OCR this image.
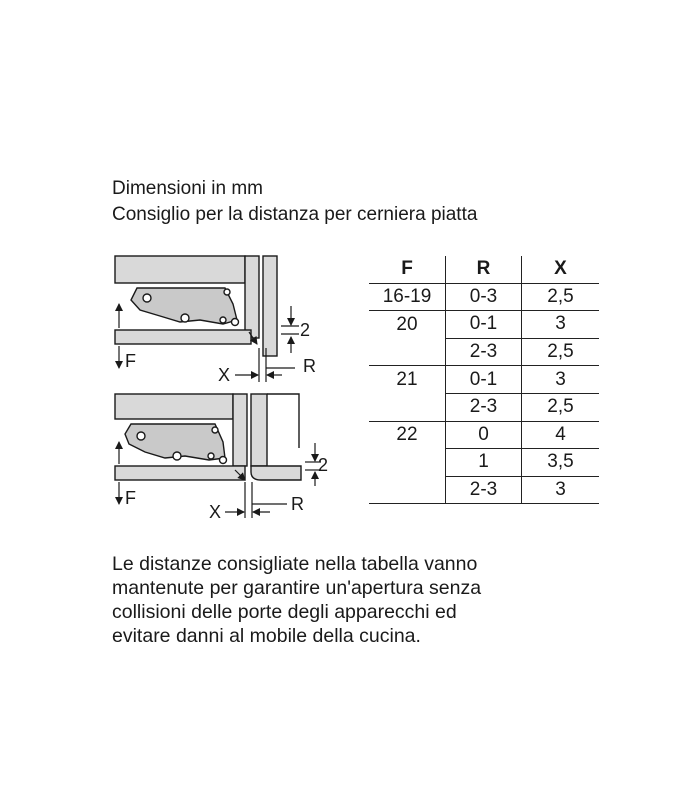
Dimensioni in mm
Consiglio per la distanza per cerniera piatta
F
X	R
2
F
X	R
2
F	R	X
16-19	0-3	2,5
20	0-1	3
	2-3	2,5
21	0-1	3
	2-3	2,5
22	0	4
	1	3,5
	2-3	3
Le distanze consigliate nella tabella vanno
mantenute per garantire un'apertura senza
collisioni delle porte degli apparecchi ed
evitare danni al mobile della cucina.
